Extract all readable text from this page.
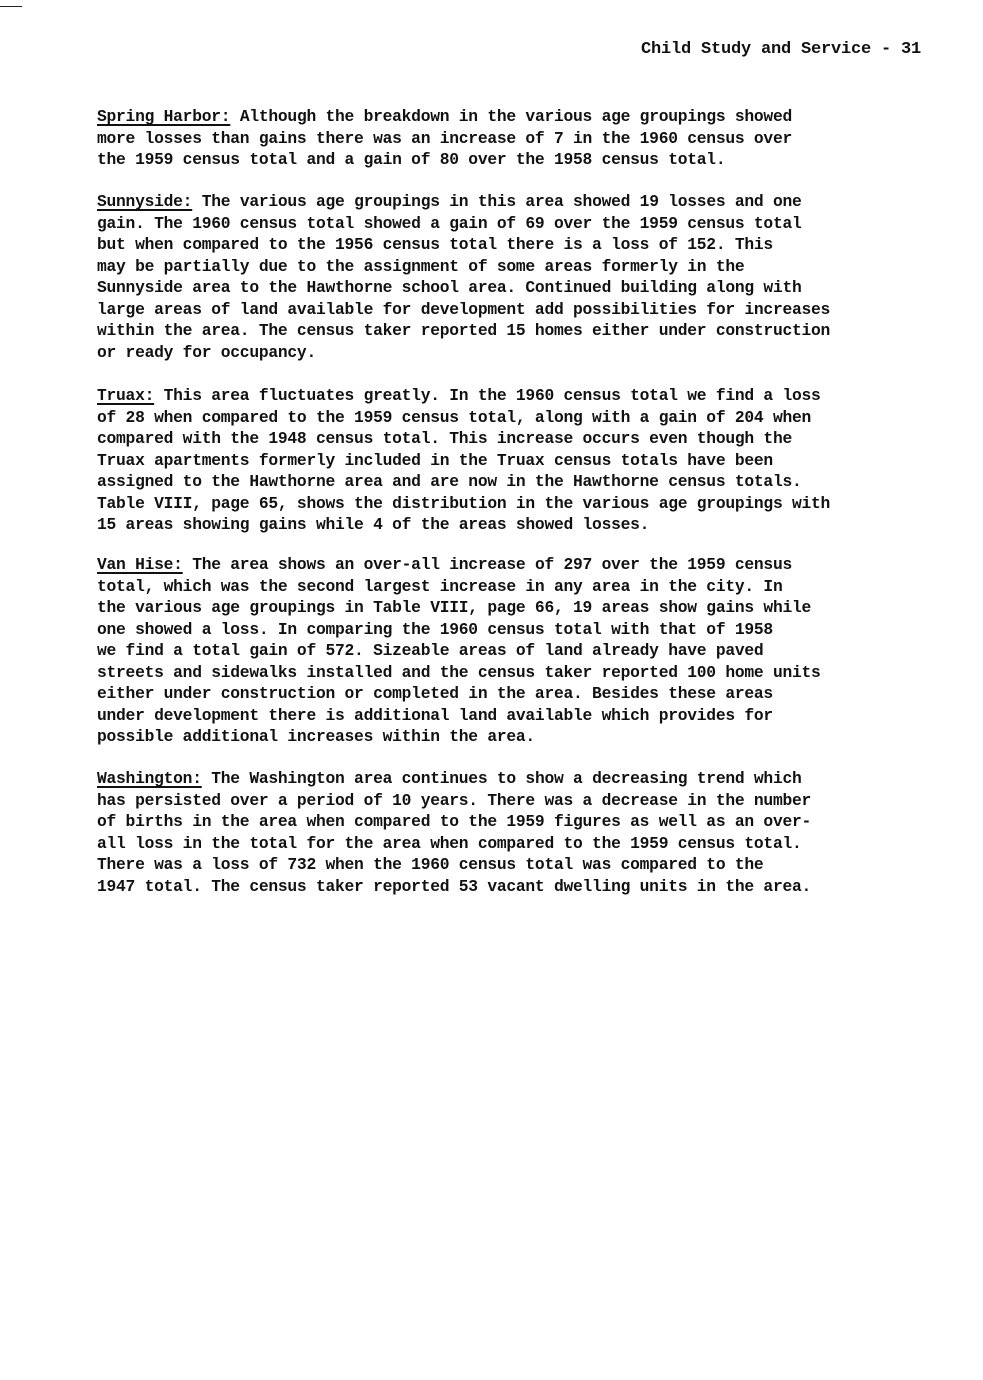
Child Study and Service - 31

Spring Harbor: Although the breakdown in the various age groupings showed
more losses than gains there was an increase of 7 in the 1960 census over
the 1959 census total and a gain of 80 over the 1958 census total.

Sunnyside: The various age groupings in this area showed 19 losses and one
gain. The 1960 census total showed a gain of 69 over the 1959 census total
but when compared to the 1956 census total there is a loss of 152. This
may be partially due to the assignment of some areas formerly in the
Sunnyside area to the Hawthorne school area. Continued building along with
large areas of land available for development add possibilities for increases
within the area. The census taker reported 15 homes either under construction
or ready for occupancy.

Truax: This area fluctuates greatly. In the 1960 census total we find a loss
of 28 when compared to the 1959 census total, along with a gain of 204 when
compared with the 1948 census total. This increase occurs even though the
Truax apartments formerly included in the Truax census totals have been
assigned to the Hawthorne area and are now in the Hawthorne census totals.
Table VIII, page 65, shows the distribution in the various age groupings with
15 areas showing gains while 4 of the areas showed losses.

Van Hise: The area shows an over-all increase of 297 over the 1959 census
total, which was the second largest increase in any area in the city. In
the various age groupings in Table VIII, page 66, 19 areas show gains while
one showed a loss. In comparing the 1960 census total with that of 1958
we find a total gain of 572. Sizeable areas of land already have paved
streets and sidewalks installed and the census taker reported 100 home units
either under construction or completed in the area. Besides these areas
under development there is additional land available which provides for
possible additional increases within the area.

Washington: The Washington area continues to show a decreasing trend which
has persisted over a period of 10 years. There was a decrease in the number
of births in the area when compared to the 1959 figures as well as an over-
all loss in the total for the area when compared to the 1959 census total.
There was a loss of 732 when the 1960 census total was compared to the
1947 total. The census taker reported 53 vacant dwelling units in the area.
